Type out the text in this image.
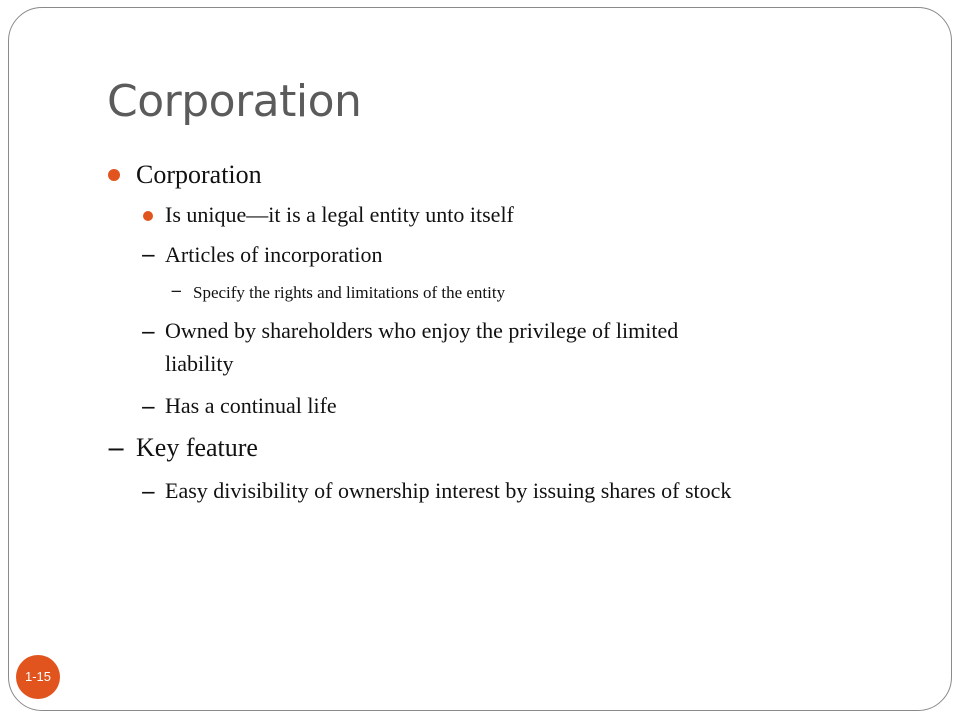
Corporation
Corporation
Is unique—it is a legal entity unto itself
− Articles of incorporation
− Specify the rights and limitations of the entity
− Owned by shareholders who enjoy the privilege of limited
liability
− Has a continual life
− Key feature
− Easy divisibility of ownership interest by issuing shares of stock
1-15
